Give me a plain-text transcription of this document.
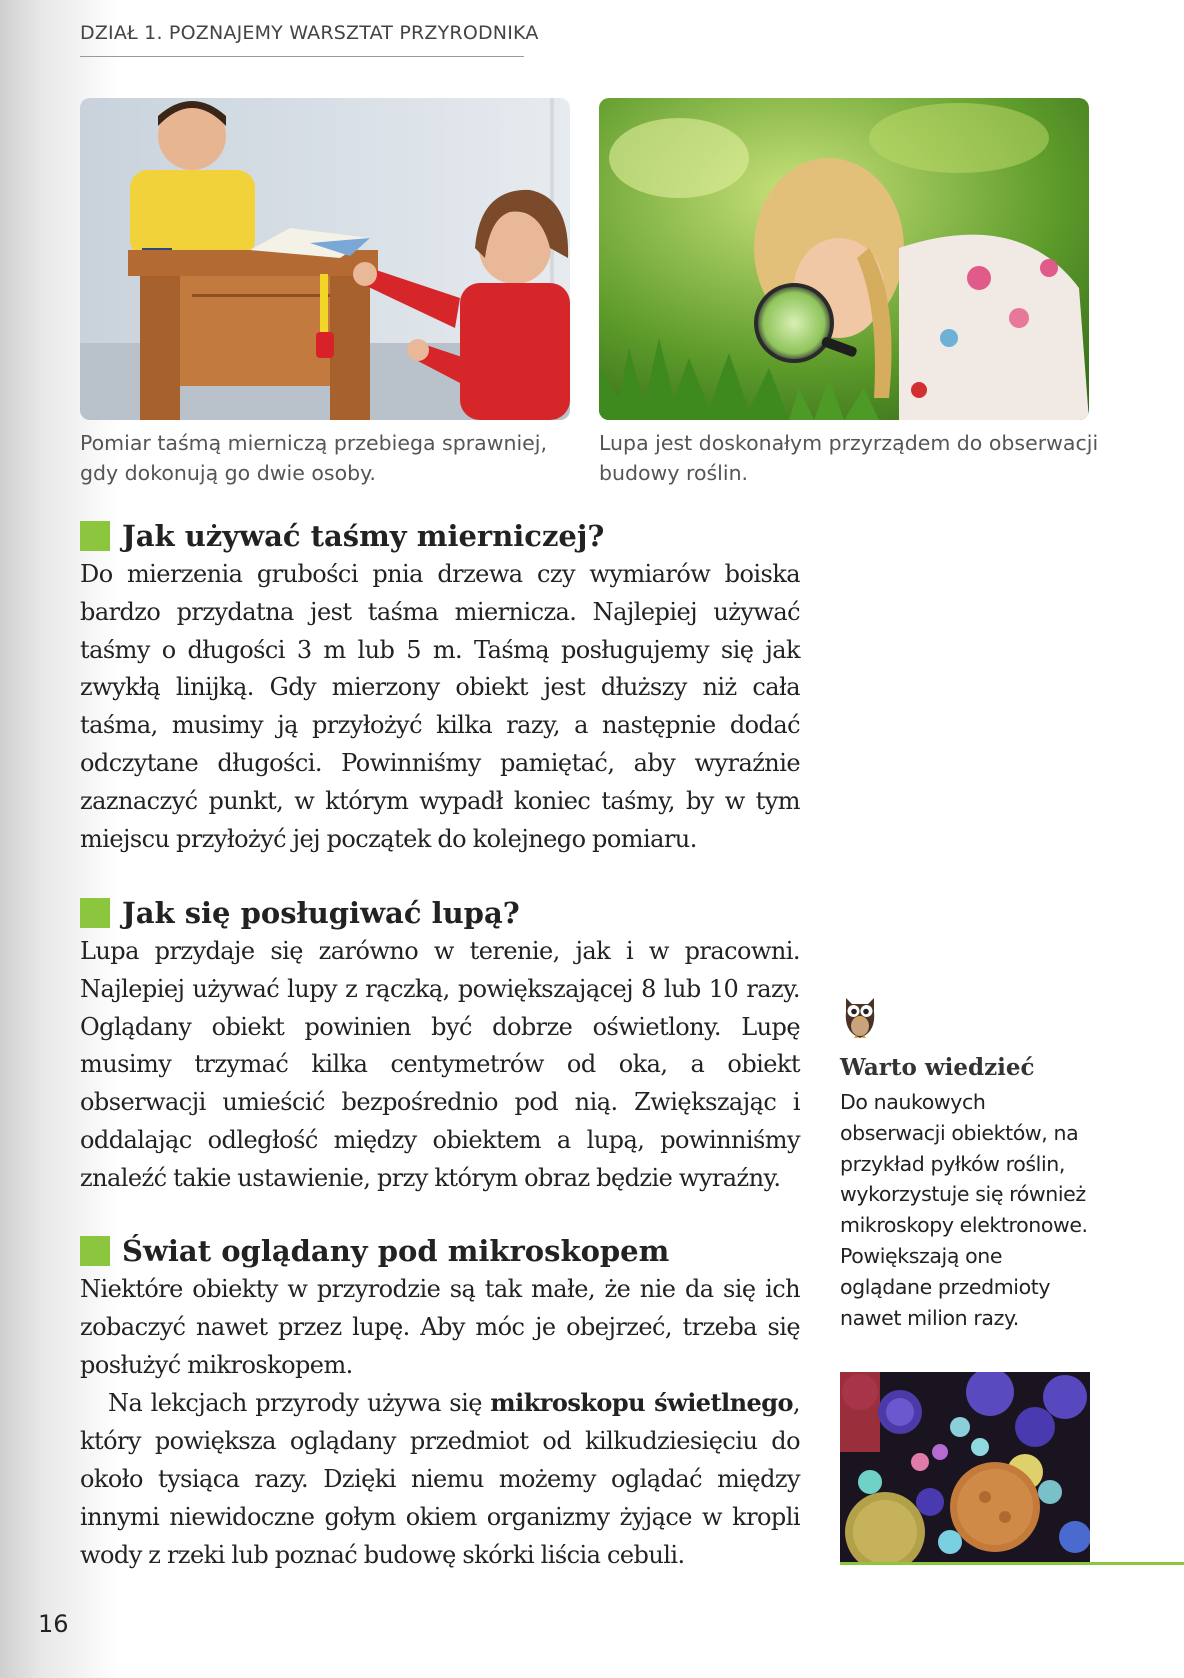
DZIAŁ 1. POZNAJEMY WARSZTAT PRZYRODNIKA
Pomiar taśmą mierniczą przebiega sprawniej, gdy dokonują go dwie osoby.
Lupa jest doskonałym przyrządem do obserwacji budowy roślin.
Jak używać taśmy mierniczej?

Do mierzenia grubości pnia drzewa czy wymiarów boiska bardzo przydatna jest taśma miernicza. Najlepiej używać taśmy o długości 3 m lub 5 m. Taśmą posługujemy się jak zwykłą linijką. Gdy mierzony obiekt jest dłuższy niż cała taśma, musimy ją przyłożyć kilka razy, a następnie dodać odczytane długości. Powinniśmy pamiętać, aby wyraźnie zaznaczyć punkt, w którym wypadł koniec taśmy, by w tym miejscu przyłożyć jej początek do kolejnego pomiaru.

Jak się posługiwać lupą?

Lupa przydaje się zarówno w terenie, jak i w pracowni. Najlepiej używać lupy z rączką, powiększającej 8 lub 10 razy. Oglądany obiekt powinien być dobrze oświetlony. Lupę musimy trzymać kilka centymetrów od oka, a obiekt obserwacji umieścić bezpośrednio pod nią. Zwiększając i oddalając odległość między obiektem a lupą, powinniśmy znaleźć takie ustawienie, przy którym obraz będzie wyraźny.

Świat oglądany pod mikroskopem

Niektóre obiekty w przyrodzie są tak małe, że nie da się ich zobaczyć nawet przez lupę. Aby móc je obejrzeć, trzeba się posłużyć mikroskopem.

Na lekcjach przyrody używa się mikroskopu świetlnego, który powiększa oglądany przedmiot od kilkudziesięciu do około tysiąca razy. Dzięki niemu możemy oglądać między innymi niewidoczne gołym okiem organizmy żyjące w kropli wody z rzeki lub poznać budowę skórki liścia cebuli.

Warto wiedzieć
Do naukowych obserwacji obiektów, na przykład pyłków roślin, wykorzystuje się również mikroskopy elektronowe. Powiększają one oglądane przedmioty nawet milion razy.
16
